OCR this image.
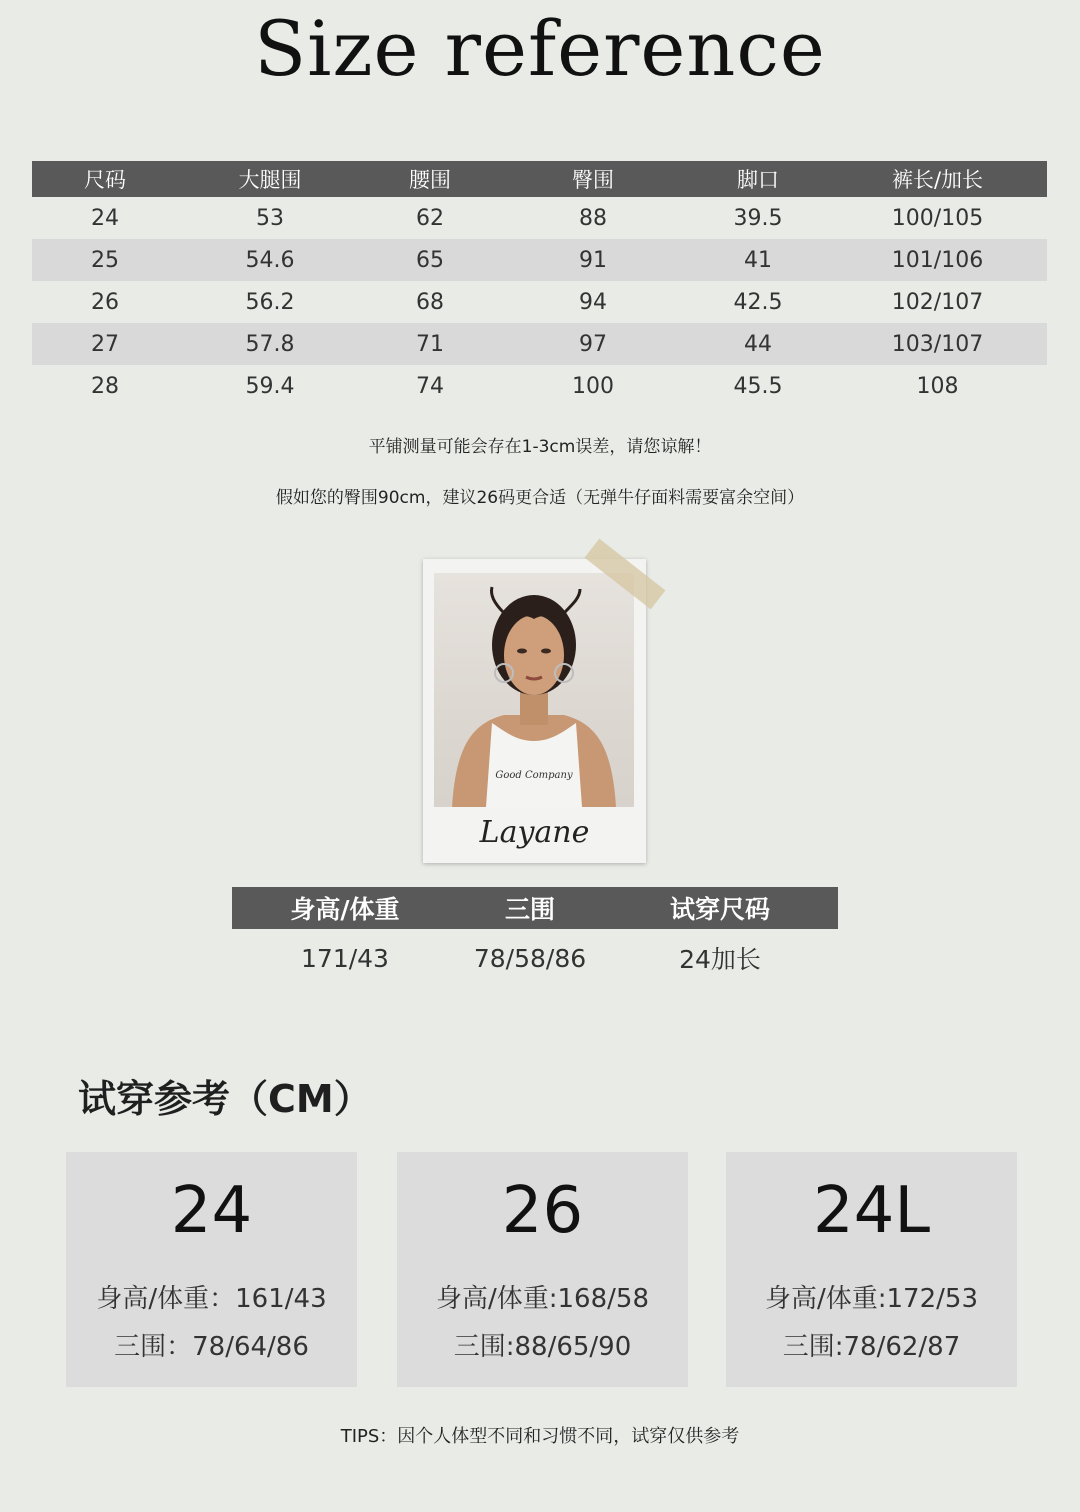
Size reference
尺码	大腿围	腰围	臀围	脚口	裤长/加长
24	53	62	88	39.5	100/105
25	54.6	65	91	41	101/106
26	56.2	68	94	42.5	102/107
27	57.8	71	97	44	103/107
28	59.4	74	100	45.5	108
平铺测量可能会存在1-3cm误差，请您谅解！
假如您的臀围90cm，建议26码更合适（无弹牛仔面料需要富余空间）
Good Company
Layane
身高/体重	三围	试穿尺码
171/43	78/58/86	24加长
试穿参考（CM）
24
身高/体重：161/43
三围：78/64/86
26
身高/体重:168/58
三围:88/65/90
24L
身高/体重:172/53
三围:78/62/87
TIPS：因个人体型不同和习惯不同，试穿仅供参考
